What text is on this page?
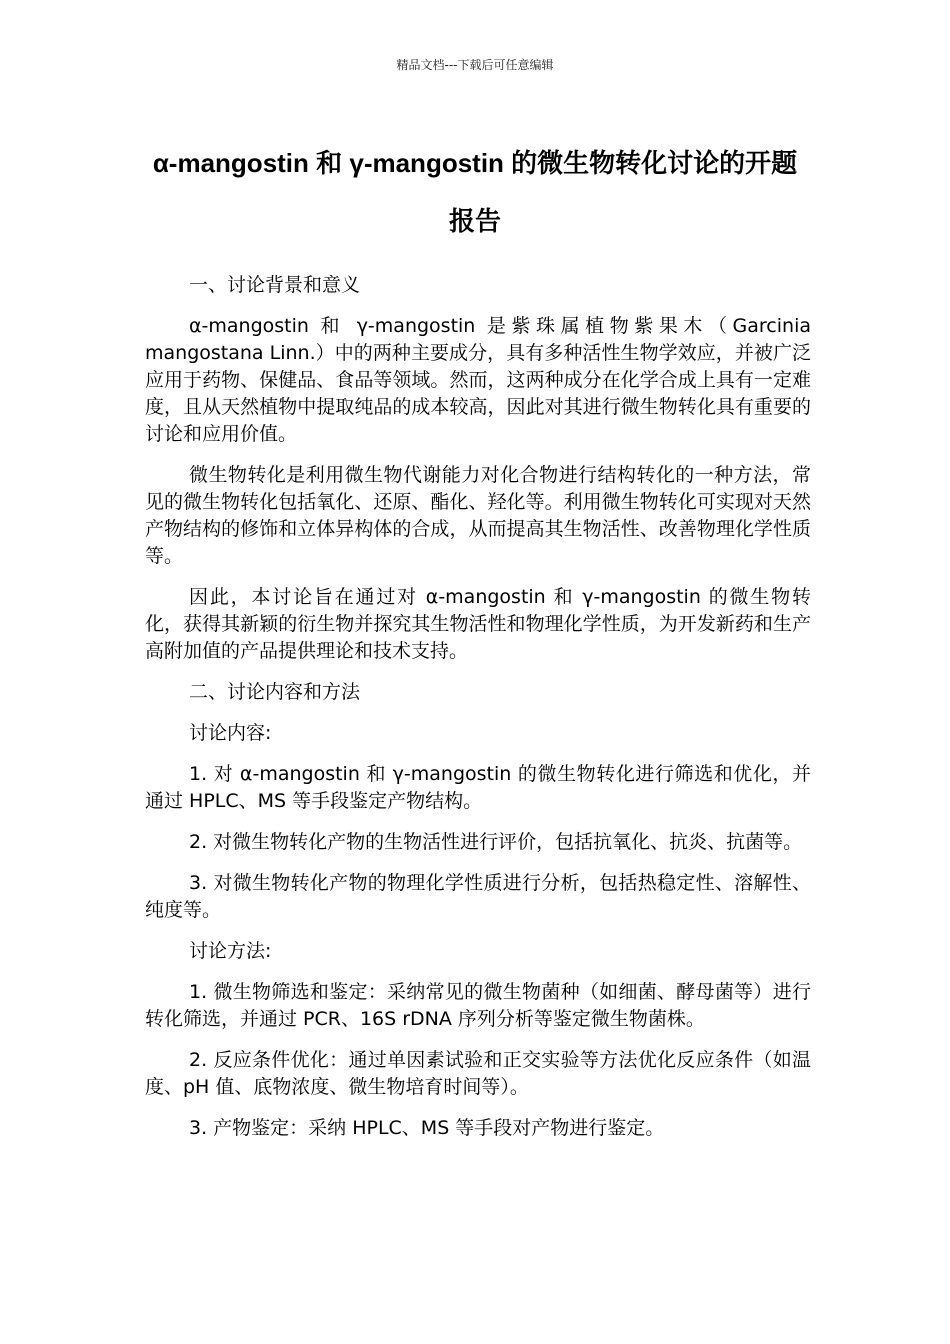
精品文档---下载后可任意编辑
α-mangostin 和 γ-mangostin 的微生物转化讨论的开题报告

一、讨论背景和意义

α-mangostin 和 γ-mangostin 是紫珠属植物紫果木（Garcinia mangostana Linn.）中的两种主要成分，具有多种活性生物学效应，并被广泛应用于药物、保健品、食品等领域。然而，这两种成分在化学合成上具有一定难度，且从天然植物中提取纯品的成本较高，因此对其进行微生物转化具有重要的讨论和应用价值。

微生物转化是利用微生物代谢能力对化合物进行结构转化的一种方法，常见的微生物转化包括氧化、还原、酯化、羟化等。利用微生物转化可实现对天然产物结构的修饰和立体异构体的合成，从而提高其生物活性、改善物理化学性质等。

因此，本讨论旨在通过对 α-mangostin 和 γ-mangostin 的微生物转化，获得其新颖的衍生物并探究其生物活性和物理化学性质，为开发新药和生产高附加值的产品提供理论和技术支持。

二、讨论内容和方法

讨论内容:

1. 对 α-mangostin 和 γ-mangostin 的微生物转化进行筛选和优化，并通过 HPLC、MS 等手段鉴定产物结构。

2. 对微生物转化产物的生物活性进行评价，包括抗氧化、抗炎、抗菌等。

3. 对微生物转化产物的物理化学性质进行分析，包括热稳定性、溶解性、纯度等。

讨论方法:

1. 微生物筛选和鉴定：采纳常见的微生物菌种（如细菌、酵母菌等）进行转化筛选，并通过 PCR、16S rDNA 序列分析等鉴定微生物菌株。

2. 反应条件优化：通过单因素试验和正交实验等方法优化反应条件（如温度、pH 值、底物浓度、微生物培育时间等）。

3. 产物鉴定：采纳 HPLC、MS 等手段对产物进行鉴定。
